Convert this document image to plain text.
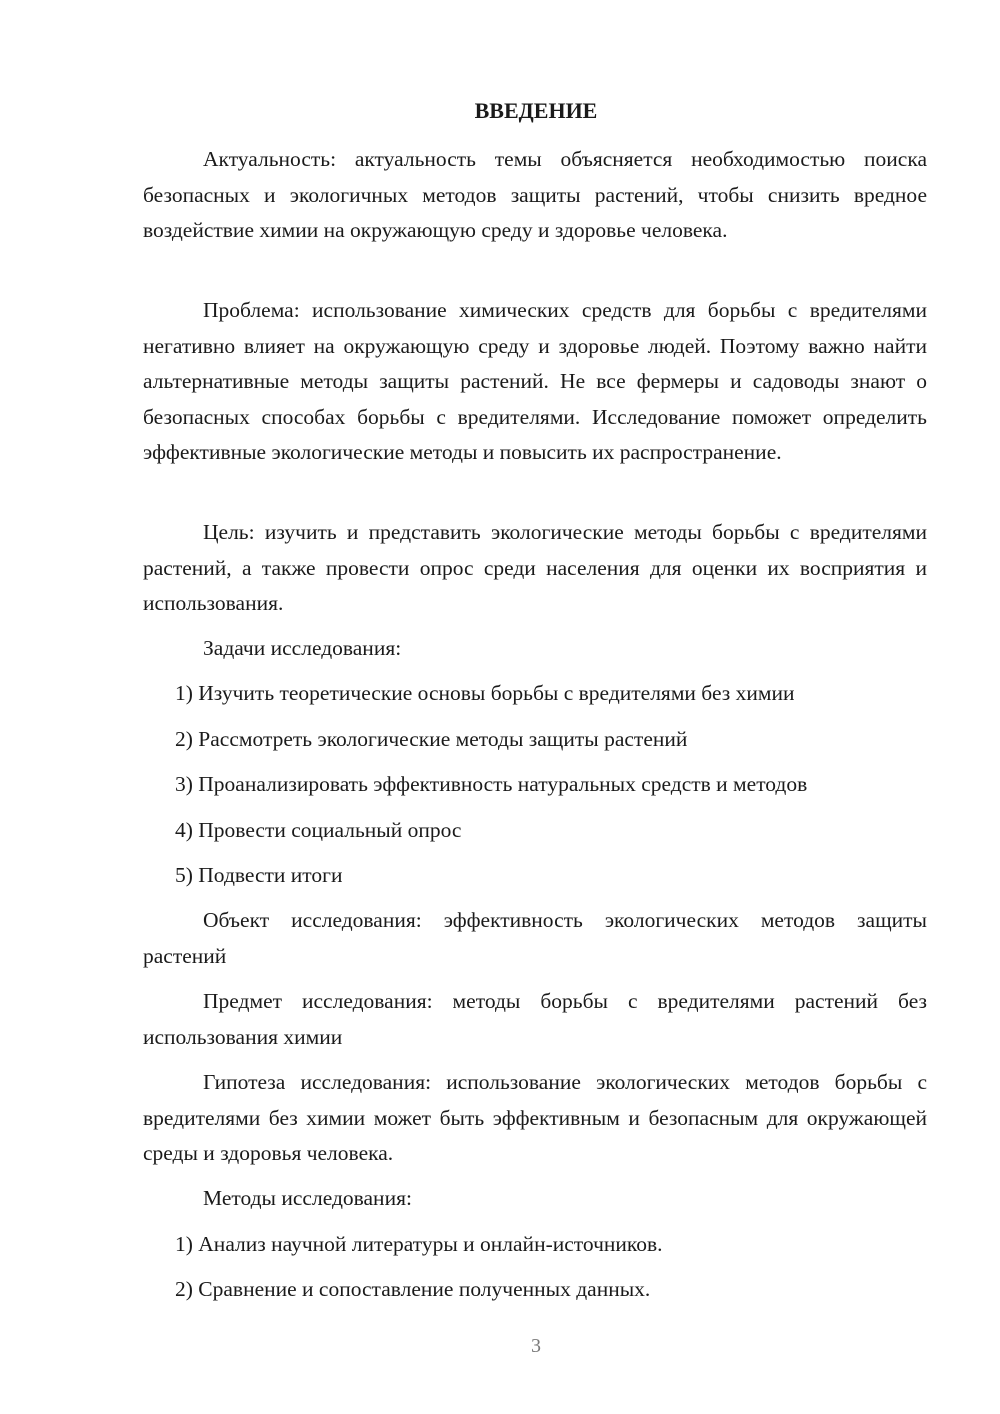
ВВЕДЕНИЕ

Актуальность: актуальность темы объясняется необходимостью поиска безопасных и экологичных методов защиты растений, чтобы снизить вредное воздействие химии на окружающую среду и здоровье человека.

Проблема: использование химических средств для борьбы с вредителями негативно влияет на окружающую среду и здоровье людей. Поэтому важно найти альтернативные методы защиты растений. Не все фермеры и садоводы знают о безопасных способах борьбы с вредителями. Исследование поможет определить эффективные экологические методы и повысить их распространение.

Цель: изучить и представить экологические методы борьбы с вредителями растений, а также провести опрос среди населения для оценки их восприятия и использования.

Задачи исследования:

1) Изучить теоретические основы борьбы с вредителями без химии

2) Рассмотреть экологические методы защиты растений

3) Проанализировать эффективность натуральных средств и методов

4) Провести социальный опрос

5) Подвести итоги

Объект исследования: эффективность экологических методов защиты растений

Предмет исследования: методы борьбы с вредителями растений без использования химии

Гипотеза исследования: использование экологических методов борьбы с вредителями без химии может быть эффективным и безопасным для окружающей среды и здоровья человека.

Методы исследования:

1) Анализ научной литературы и онлайн-источников.

2) Сравнение и сопоставление полученных данных.

3
